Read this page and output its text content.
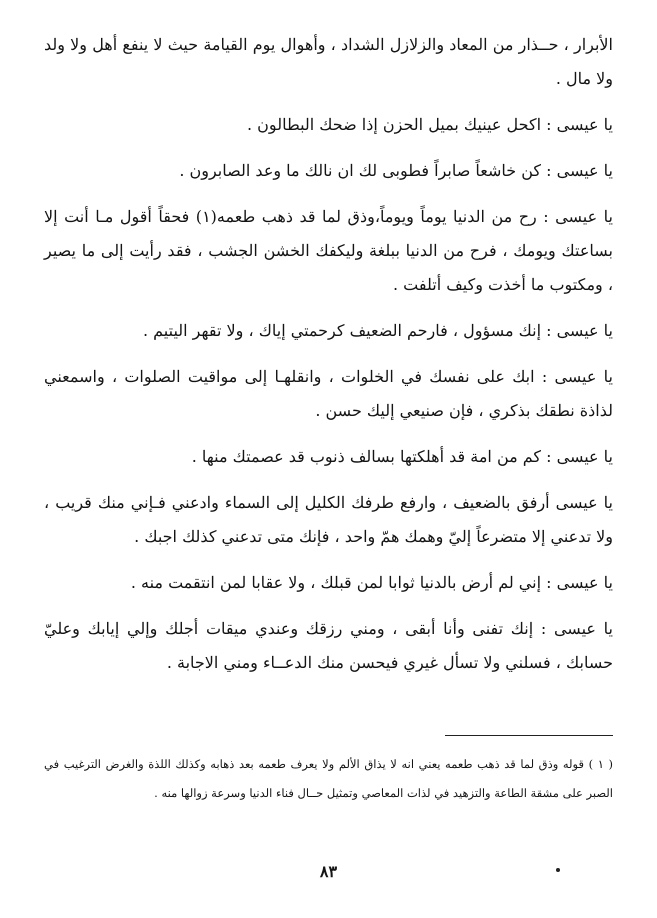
الأبرار ، حــذار من المعاد والزلازل الشداد ، وأهوال يوم القيامة حيث لا ينفع أهل ولا ولد ولا مال .

يا عيسى : اكحل عينيك بميل الحزن إذا ضحك البطالون .

يا عيسى : كن خاشعاً صابراً فطوبى لك ان نالك ما وعد الصابرون .

يا عيسى : رح من الدنيا يوماً ويوماً،وذق لما قد ذهب طعمه(١) فحقاً أقول مـا أنت إلا بساعتك ويومك ، فرح من الدنيا ببلغة وليكفك الخشن الجشب ، فقد رأيت إلى ما يصير ، ومكتوب ما أخذت وكيف أتلفت .

يا عيسى : إنك مسؤول ، فارحم الضعيف كرحمتي إياك ، ولا تقهر اليتيم .

يا عيسى : ابك على نفسك في الخلوات ، وانقلهـا إلى مواقيت الصلوات ، واسمعني لذاذة نطقك بذكري ، فإن صنيعي إليك حسن .

يا عيسى : كم من امة قد أهلكتها بسالف ذنوب قد عصمتك منها .

يا عيسى أرفق بالضعيف ، وارفع طرفك الكليل إلى السماء وادعني فـإني منك قريب ، ولا تدعني إلا متضرعاً إليّ وهمك همّ واحد ، فإنك متى تدعني كذلك اجبك .

يا عيسى : إني لم أرض بالدنيا ثوابا لمن قبلك ، ولا عقابا لمن انتقمت منه .

يا عيسى : إنك تفنى وأنا أبقى ، ومني رزقك وعندي ميقات أجلك وإلي إيابك وعليّ حسابك ، فسلني ولا تسأل غيري فيحسن منك الدعــاء ومني الاجابة .

( ١ ) قوله وذق لما قد ذهب طعمه يعني انه لا يذاق الألم ولا يعرف طعمه بعد ذهابه وكذلك اللذة والغرض الترغيب في الصبر على مشقة الطاعة والتزهيد في لذات المعاصي وتمثيل حــال فناء الدنيا وسرعة زوالها منه .

٨٣
